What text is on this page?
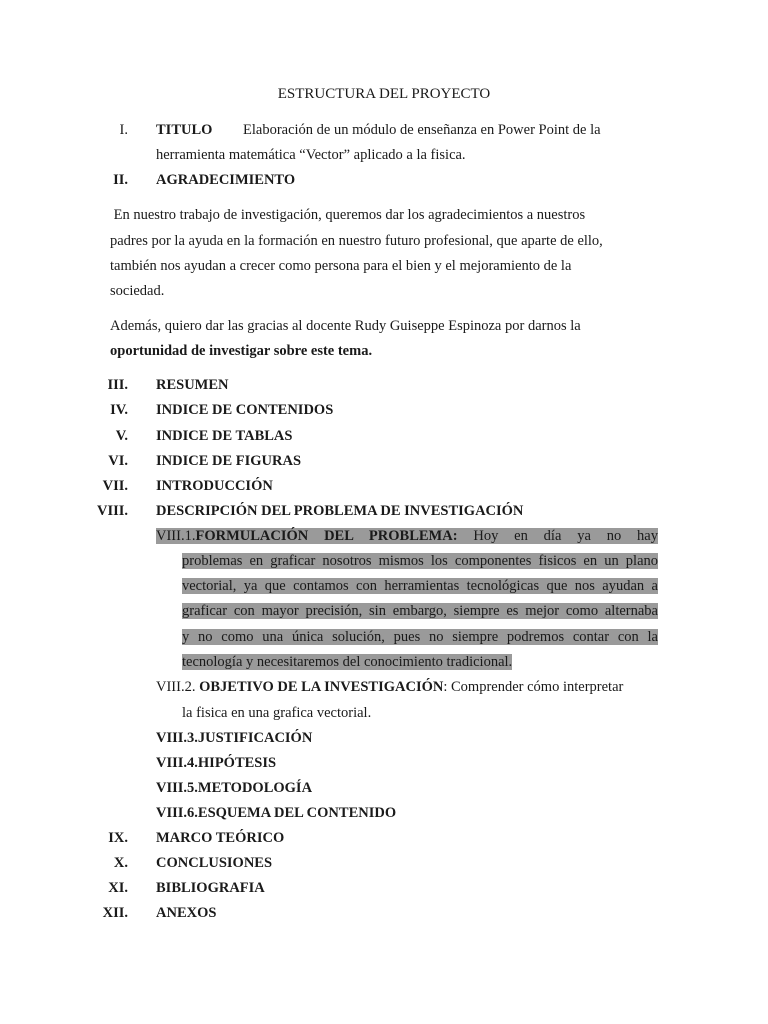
ESTRUCTURA DEL PROYECTO
I. TITULO Elaboración de un módulo de enseñanza en Power Point de la
herramienta matemática “Vector” aplicado a la fisica.
II. AGRADECIMIENTO
En nuestro trabajo de investigación, queremos dar los agradecimientos a nuestros
padres por la ayuda en la formación en nuestro futuro profesional, que aparte de ello,
también nos ayudan a crecer como persona para el bien y el mejoramiento de la
sociedad.
Además, quiero dar las gracias al docente Rudy Guiseppe Espinoza por darnos la
oportunidad de investigar sobre este tema.
III. RESUMEN
IV. INDICE DE CONTENIDOS
V. INDICE DE TABLAS
VI. INDICE DE FIGURAS
VII. INTRODUCCIÓN
VIII. DESCRIPCIÓN DEL PROBLEMA DE INVESTIGACIÓN
VIII.1.FORMULACIÓN DEL PROBLEMA: Hoy en día ya no hay
problemas en graficar nosotros mismos los componentes fisicos en un plano
vectorial, ya que contamos con herramientas tecnológicas que nos ayudan a
graficar con mayor precisión, sin embargo, siempre es mejor como alternaba
y no como una única solución, pues no siempre podremos contar con la
tecnología y necesitaremos del conocimiento tradicional.
VIII.2. OBJETIVO DE LA INVESTIGACIÓN: Comprender cómo interpretar
la fisica en una grafica vectorial.
VIII.3.JUSTIFICACIÓN
VIII.4.HIPÓTESIS
VIII.5.METODOLOGÍA
VIII.6.ESQUEMA DEL CONTENIDO
IX. MARCO TEÓRICO
X. CONCLUSIONES
XI. BIBLIOGRAFIA
XII. ANEXOS
